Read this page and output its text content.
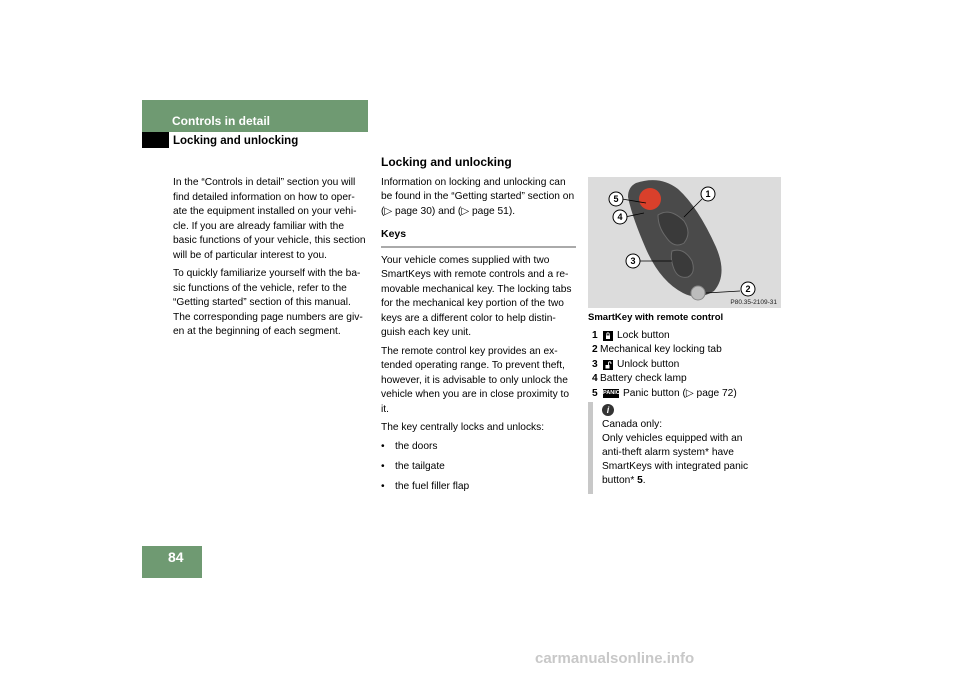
Controls in detail
Locking and unlocking

In the “Controls in detail” section you will find detailed information on how to oper-ate the equipment installed on your vehi-cle. If you are already familiar with the basic functions of your vehicle, this section will be of particular interest to you.

To quickly familiarize yourself with the ba-sic functions of the vehicle, refer to the “Getting started” section of this manual. The corresponding page numbers are giv-en at the beginning of each segment.

Locking and unlocking

Information on locking and unlocking can be found in the “Getting started” section on (▷ page 30) and (▷ page 51).

Keys

Your vehicle comes supplied with two SmartKeys with remote controls and a re-movable mechanical key. The locking tabs for the mechanical key portion of the two keys are a different color to help distin-guish each key unit.

The remote control key provides an ex-tended operating range. To prevent theft, however, it is advisable to only unlock the vehicle when you are in close proximity to it.

The key centrally locks and unlocks:

• the doors
• the tailgate
• the fuel filler flap
5
4
3
1
2
P80.35-2109-31
SmartKey with remote control
1 Lock button
2 Mechanical key locking tab
3 Unlock button
4 Battery check lamp
5 PANIC Panic button (▷ page 72)
i
Canada only:
Only vehicles equipped with an
anti-theft alarm system* have
SmartKeys with integrated panic
button* 5.
84
carmanualsonline.info
